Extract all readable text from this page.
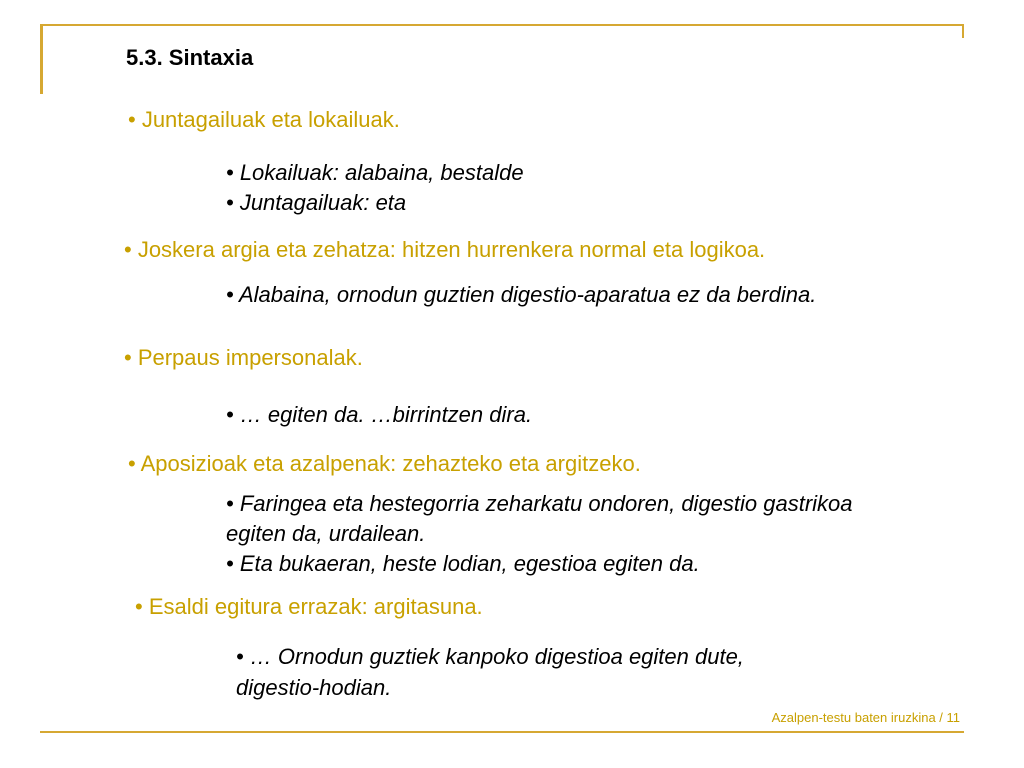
5.3. Sintaxia
• Juntagailuak eta lokailuak.
• Lokailuak: alabaina, bestalde
• Juntagailuak: eta
• Joskera argia eta zehatza: hitzen hurrenkera normal eta logikoa.
• Alabaina, ornodun guztien digestio-aparatua ez da berdina.
• Perpaus impersonalak.
• … egiten da. …birrintzen dira.
• Aposizioak eta azalpenak: zehazteko eta argitzeko.
• Faringea eta hestegorria zeharkatu ondoren, digestio gastrikoa
egiten da, urdailean.
• Eta bukaeran, heste lodian, egestioa egiten da.
• Esaldi egitura errazak: argitasuna.
• … Ornodun guztiek kanpoko digestioa egiten dute,
digestio-hodian.
Azalpen-testu baten iruzkina / 11
